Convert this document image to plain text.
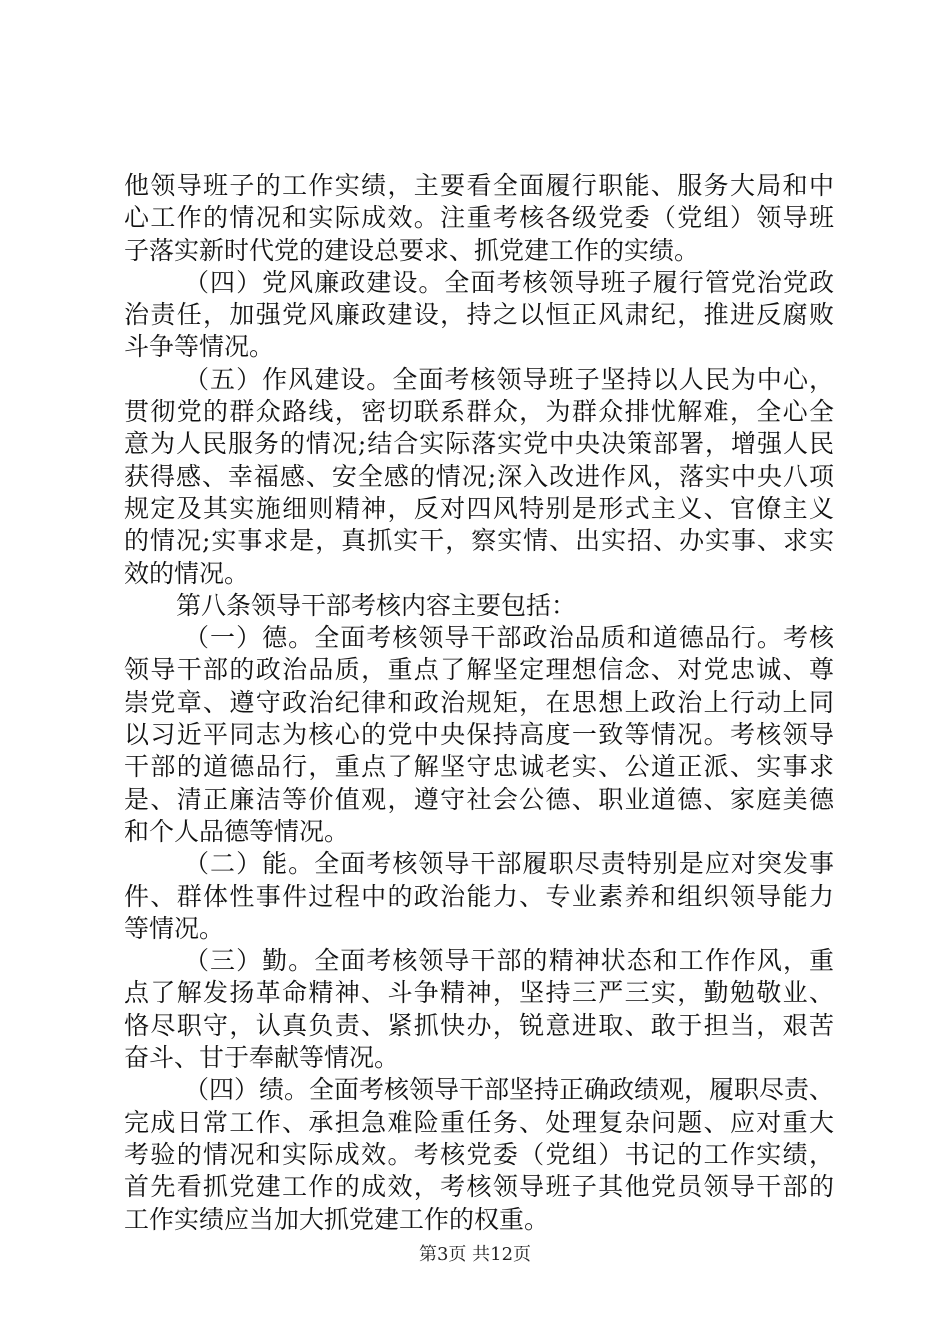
他领导班子的工作实绩，主要看全面履行职能、服务大局和中
心工作的情况和实际成效。注重考核各级党委（党组）领导班
子落实新时代党的建设总要求、抓党建工作的实绩。
（四）党风廉政建设。全面考核领导班子履行管党治党政
治责任，加强党风廉政建设，持之以恒正风肃纪，推进反腐败
斗争等情况。
（五）作风建设。全面考核领导班子坚持以人民为中心，
贯彻党的群众路线，密切联系群众，为群众排忧解难，全心全
意为人民服务的情况;结合实际落实党中央决策部署，增强人民
获得感、幸福感、安全感的情况;深入改进作风，落实中央八项
规定及其实施细则精神，反对四风特别是形式主义、官僚主义
的情况;实事求是，真抓实干，察实情、出实招、办实事、求实
效的情况。
第八条领导干部考核内容主要包括：
（一）德。全面考核领导干部政治品质和道德品行。考核
领导干部的政治品质，重点了解坚定理想信念、对党忠诚、尊
崇党章、遵守政治纪律和政治规矩，在思想上政治上行动上同
以习近平同志为核心的党中央保持高度一致等情况。考核领导
干部的道德品行，重点了解坚守忠诚老实、公道正派、实事求
是、清正廉洁等价值观，遵守社会公德、职业道德、家庭美德
和个人品德等情况。
（二）能。全面考核领导干部履职尽责特别是应对突发事
件、群体性事件过程中的政治能力、专业素养和组织领导能力
等情况。
（三）勤。全面考核领导干部的精神状态和工作作风，重
点了解发扬革命精神、斗争精神，坚持三严三实，勤勉敬业、
恪尽职守，认真负责、紧抓快办，锐意进取、敢于担当，艰苦
奋斗、甘于奉献等情况。
（四）绩。全面考核领导干部坚持正确政绩观，履职尽责、
完成日常工作、承担急难险重任务、处理复杂问题、应对重大
考验的情况和实际成效。考核党委（党组）书记的工作实绩，
首先看抓党建工作的成效，考核领导班子其他党员领导干部的
工作实绩应当加大抓党建工作的权重。
第3页 共12页
